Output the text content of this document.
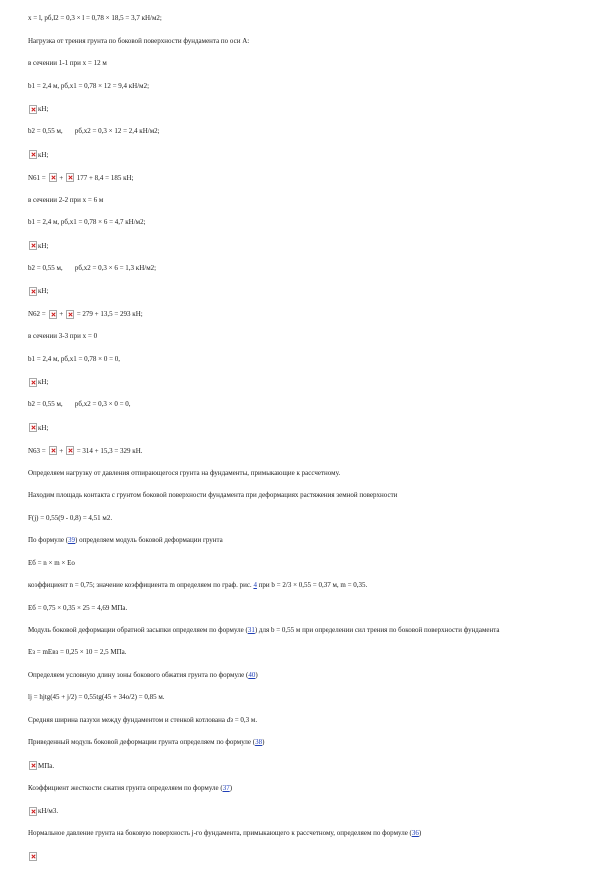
x = l, pб,l2 = 0,3 × l = 0,78 × 18,5 = 3,7 кН/м2;
Нагрузка от трения грунта по боковой поверхности фундамента по оси А:
в сечении 1-1 при x = 12 м
b1 = 2,4 м, pб,x1 = 0,78 × 12 = 9,4 кН/м2;
кН;
b2 = 0,55 м, pб,x2 = 0,3 × 12 = 2,4 кН/м2;
кН;
N61 = + 177 + 8,4 = 185 кН;
в сечении 2-2 при x = 6 м
b1 = 2,4 м, pб,x1 = 0,78 × 6 = 4,7 кН/м2;
кН;
b2 = 0,55 м, pб,x2 = 0,3 × 6 = 1,3 кН/м2;
кН;
N62 = + = 279 + 13,5 = 293 кН;
в сечении 3-3 при x = 0
b1 = 2,4 м, pб,x1 = 0,78 × 0 = 0,
кН;
b2 = 0,55 м, pб,x2 = 0,3 × 0 = 0,
кН;
N63 = + = 314 + 15,3 = 329 кН.
Определяем нагрузку от давления отпирающегося грунта на фундаменты, примыкающие к рассчетному.
Находим площадь контакта с грунтом боковой поверхности фундамента при деформациях растяжения земной поверхности
F(j) = 0,55(9 - 0,8) = 4,51 м2.
По формуле (39) определяем модуль боковой деформации грунта
Eб = n × m × Eo
коэффициент n = 0,75; значение коэффициента m определяем по граф. рис. 4 при b = 2/3 × 0,55 = 0,37 м, m = 0,35.
Eб = 0,75 × 0,35 × 25 = 4,69 МПа.
Модуль боковой деформации обратной засыпки определяем по формуле (31) для b = 0,55 м при определении сил трения по боковой поверхности фундамента
Eз = mEвз = 0,25 × 10 = 2,5 МПа.
Определяем условную длину зоны бокового обжатия грунта по формуле (40)
lj = hjtg(45 + j/2) = 0,55tg(45 + 34o/2) = 0,85 м.
Средняя ширина пазухи между фундаментом и стенкой котлована dз = 0,3 м.
Приведенный модуль боковой деформации грунта определяем по формуле (38)
МПа.
Коэффициент жесткости сжатия грунта определяем по формуле (37)
кН/м3.
Нормальное давление грунта на боковую поверхность j-го фундамента, примыкающего к рассчетному, определяем по формуле (36)
